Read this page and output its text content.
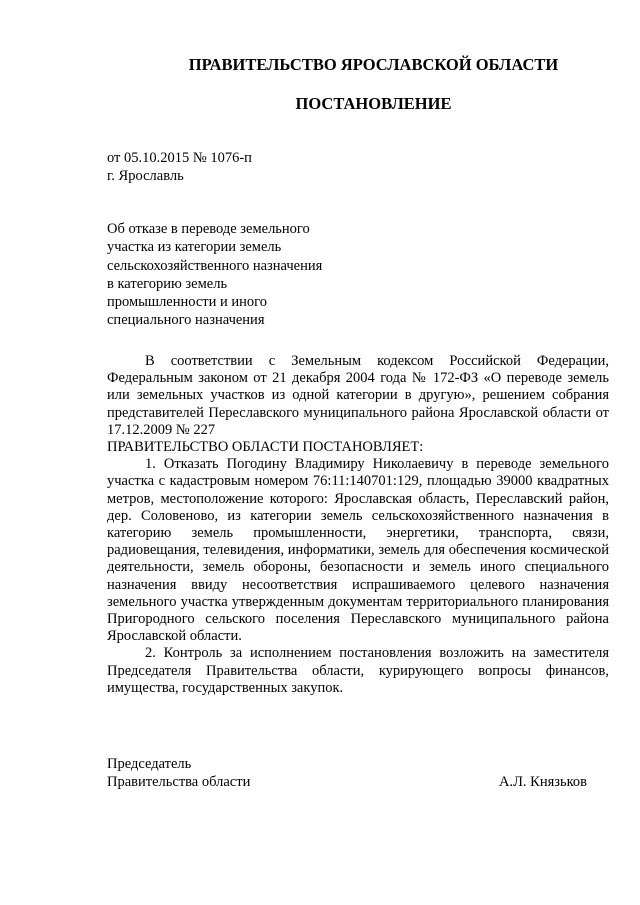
ПРАВИТЕЛЬСТВО ЯРОСЛАВСКОЙ ОБЛАСТИ
ПОСТАНОВЛЕНИЕ
от 05.10.2015 № 1076-п
г. Ярославль
Об отказе в переводе земельного
участка из категории земель
сельскохозяйственного назначения
в категорию земель
промышленности и иного
специального назначения

В соответствии с Земельным кодексом Российской Федерации, Федеральным законом от 21 декабря 2004 года № 172-ФЗ «О переводе земель или земельных участков из одной категории в другую», решением собрания представителей Переславского муниципального района Ярославской области от 17.12.2009 № 227

ПРАВИТЕЛЬСТВО ОБЛАСТИ ПОСТАНОВЛЯЕТ:

1. Отказать Погодину Владимиру Николаевичу в переводе земельного участка с кадастровым номером 76:11:140701:129, площадью 39000 квадратных метров, местоположение которого: Ярославская область, Переславский район, дер. Соловеново, из категории земель сельскохозяйственного назначения в категорию земель промышленности, энергетики, транспорта, связи, радиовещания, телевидения, информатики, земель для обеспечения космической деятельности, земель обороны, безопасности и земель иного специального назначения ввиду несоответствия испрашиваемого целевого назначения земельного участка утвержденным документам территориального планирования Пригородного сельского поселения Переславского муниципального района Ярославской области.

2. Контроль за исполнением постановления возложить на заместителя Председателя Правительства области, курирующего вопросы финансов, имущества, государственных закупок.

Председатель
Правительства области	А.Л. Князьков
